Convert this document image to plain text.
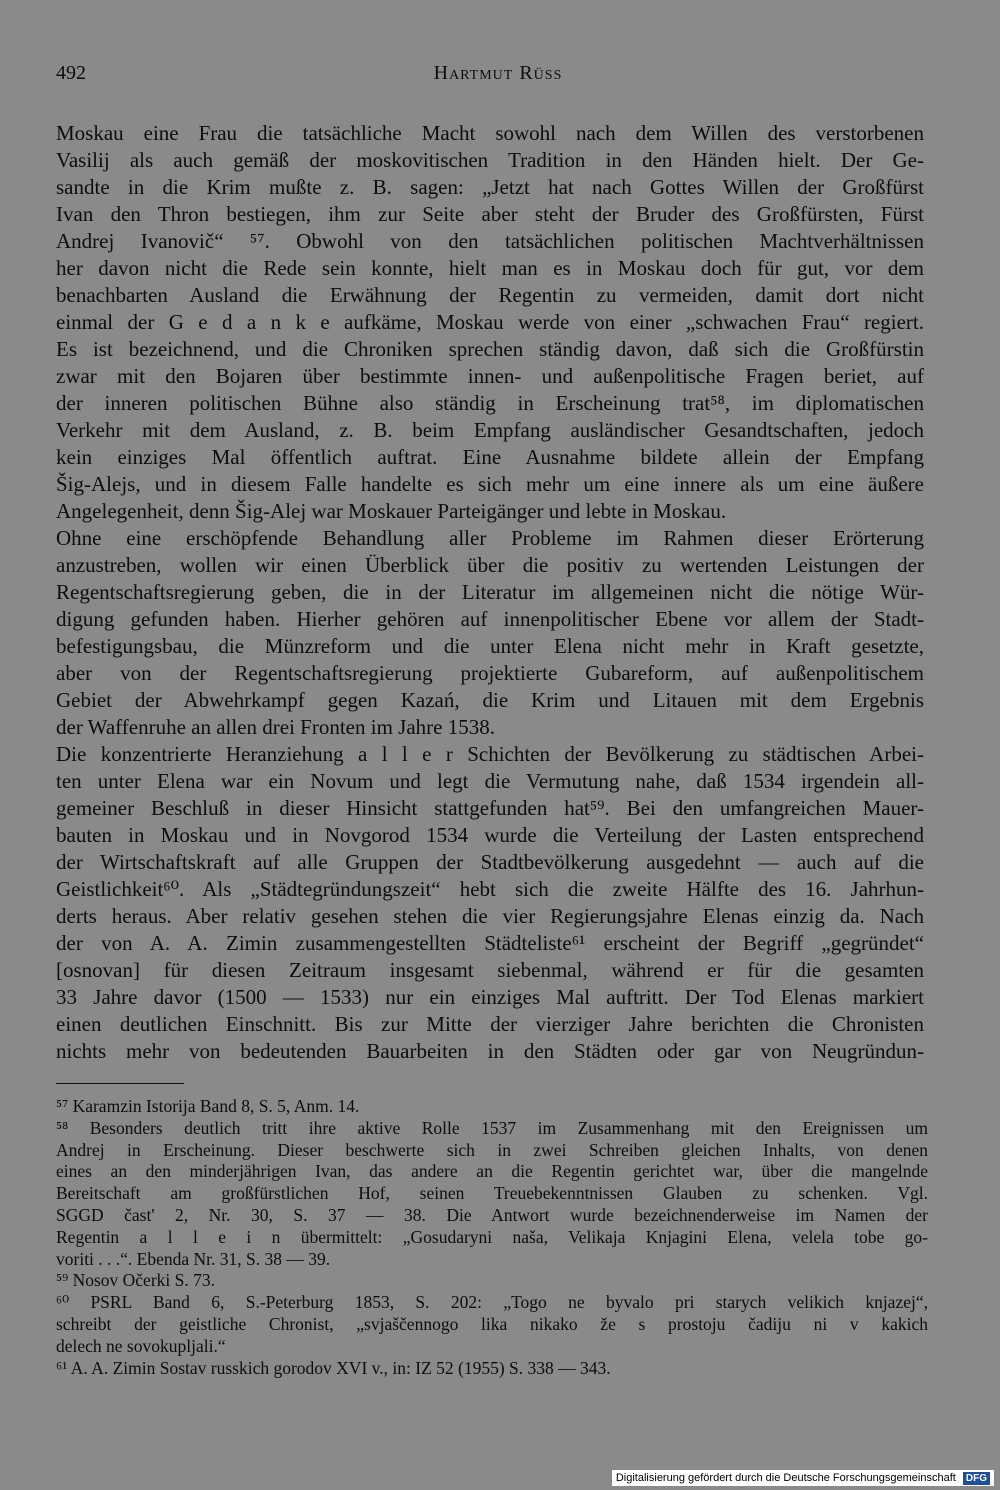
492	Hartmut Rüss
Moskau eine Frau die tatsächliche Macht sowohl nach dem Willen des verstorbenen
Vasilij als auch gemäß der moskovitischen Tradition in den Händen hielt. Der Ge-
sandte in die Krim mußte z. B. sagen: „Jetzt hat nach Gottes Willen der Großfürst
Ivan den Thron bestiegen, ihm zur Seite aber steht der Bruder des Großfürsten, Fürst
Andrej Ivanovič“ ⁵⁷. Obwohl von den tatsächlichen politischen Machtverhältnissen
her davon nicht die Rede sein konnte, hielt man es in Moskau doch für gut, vor dem
benachbarten Ausland die Erwähnung der Regentin zu vermeiden, damit dort nicht
einmal der G e d a n k e aufkäme, Moskau werde von einer „schwachen Frau“ regiert.
Es ist bezeichnend, und die Chroniken sprechen ständig davon, daß sich die Großfürstin
zwar mit den Bojaren über bestimmte innen- und außenpolitische Fragen beriet, auf
der inneren politischen Bühne also ständig in Erscheinung trat⁵⁸, im diplomatischen
Verkehr mit dem Ausland, z. B. beim Empfang ausländischer Gesandtschaften, jedoch
kein einziges Mal öffentlich auftrat. Eine Ausnahme bildete allein der Empfang
Šig-Alejs, und in diesem Falle handelte es sich mehr um eine innere als um eine äußere
Angelegenheit, denn Šig-Alej war Moskauer Parteigänger und lebte in Moskau.
Ohne eine erschöpfende Behandlung aller Probleme im Rahmen dieser Erörterung
anzustreben, wollen wir einen Überblick über die positiv zu wertenden Leistungen der
Regentschaftsregierung geben, die in der Literatur im allgemeinen nicht die nötige Wür-
digung gefunden haben. Hierher gehören auf innenpolitischer Ebene vor allem der Stadt-
befestigungsbau, die Münzreform und die unter Elena nicht mehr in Kraft gesetzte,
aber von der Regentschaftsregierung projektierte Gubareform, auf außenpolitischem
Gebiet der Abwehrkampf gegen Kazań, die Krim und Litauen mit dem Ergebnis
der Waffenruhe an allen drei Fronten im Jahre 1538.
Die konzentrierte Heranziehung a l l e r Schichten der Bevölkerung zu städtischen Arbei-
ten unter Elena war ein Novum und legt die Vermutung nahe, daß 1534 irgendein all-
gemeiner Beschluß in dieser Hinsicht stattgefunden hat⁵⁹. Bei den umfangreichen Mauer-
bauten in Moskau und in Novgorod 1534 wurde die Verteilung der Lasten entsprechend
der Wirtschaftskraft auf alle Gruppen der Stadtbevölkerung ausgedehnt — auch auf die
Geistlichkeit⁶⁰. Als „Städtegründungszeit“ hebt sich die zweite Hälfte des 16. Jahrhun-
derts heraus. Aber relativ gesehen stehen die vier Regierungsjahre Elenas einzig da. Nach
der von A. A. Zimin zusammengestellten Städteliste⁶¹ erscheint der Begriff „gegründet“
[osnovan] für diesen Zeitraum insgesamt siebenmal, während er für die gesamten
33 Jahre davor (1500 — 1533) nur ein einziges Mal auftritt. Der Tod Elenas markiert
einen deutlichen Einschnitt. Bis zur Mitte der vierziger Jahre berichten die Chronisten
nichts mehr von bedeutenden Bauarbeiten in den Städten oder gar von Neugründun-
⁵⁷ Karamzin Istorija Band 8, S. 5, Anm. 14.
⁵⁸ Besonders deutlich tritt ihre aktive Rolle 1537 im Zusammenhang mit den Ereignissen um
Andrej in Erscheinung. Dieser beschwerte sich in zwei Schreiben gleichen Inhalts, von denen
eines an den minderjährigen Ivan, das andere an die Regentin gerichtet war, über die mangelnde
Bereitschaft am großfürstlichen Hof, seinen Treuebekenntnissen Glauben zu schenken. Vgl.
SGGD čast' 2, Nr. 30, S. 37 — 38. Die Antwort wurde bezeichnenderweise im Namen der
Regentin a l l e i n übermittelt: „Gosudaryni naša, Velikaja Knjagini Elena, velela tobe go-
voriti . . .“. Ebenda Nr. 31, S. 38 — 39.
⁵⁹ Nosov Očerki S. 73.
⁶⁰ PSRL Band 6, S.-Peterburg 1853, S. 202: „Togo ne byvalo pri starych velikich knjazej“,
schreibt der geistliche Chronist, „svjaščennogo lika nikako že s prostoju čadiju ni v kakich
delech ne sovokupljali.“
⁶¹ A. A. Zimin Sostav russkich gorodov XVI v., in: IZ 52 (1955) S. 338 — 343.
Digitalisierung gefördert durch die Deutsche Forschungsgemeinschaft DFG
